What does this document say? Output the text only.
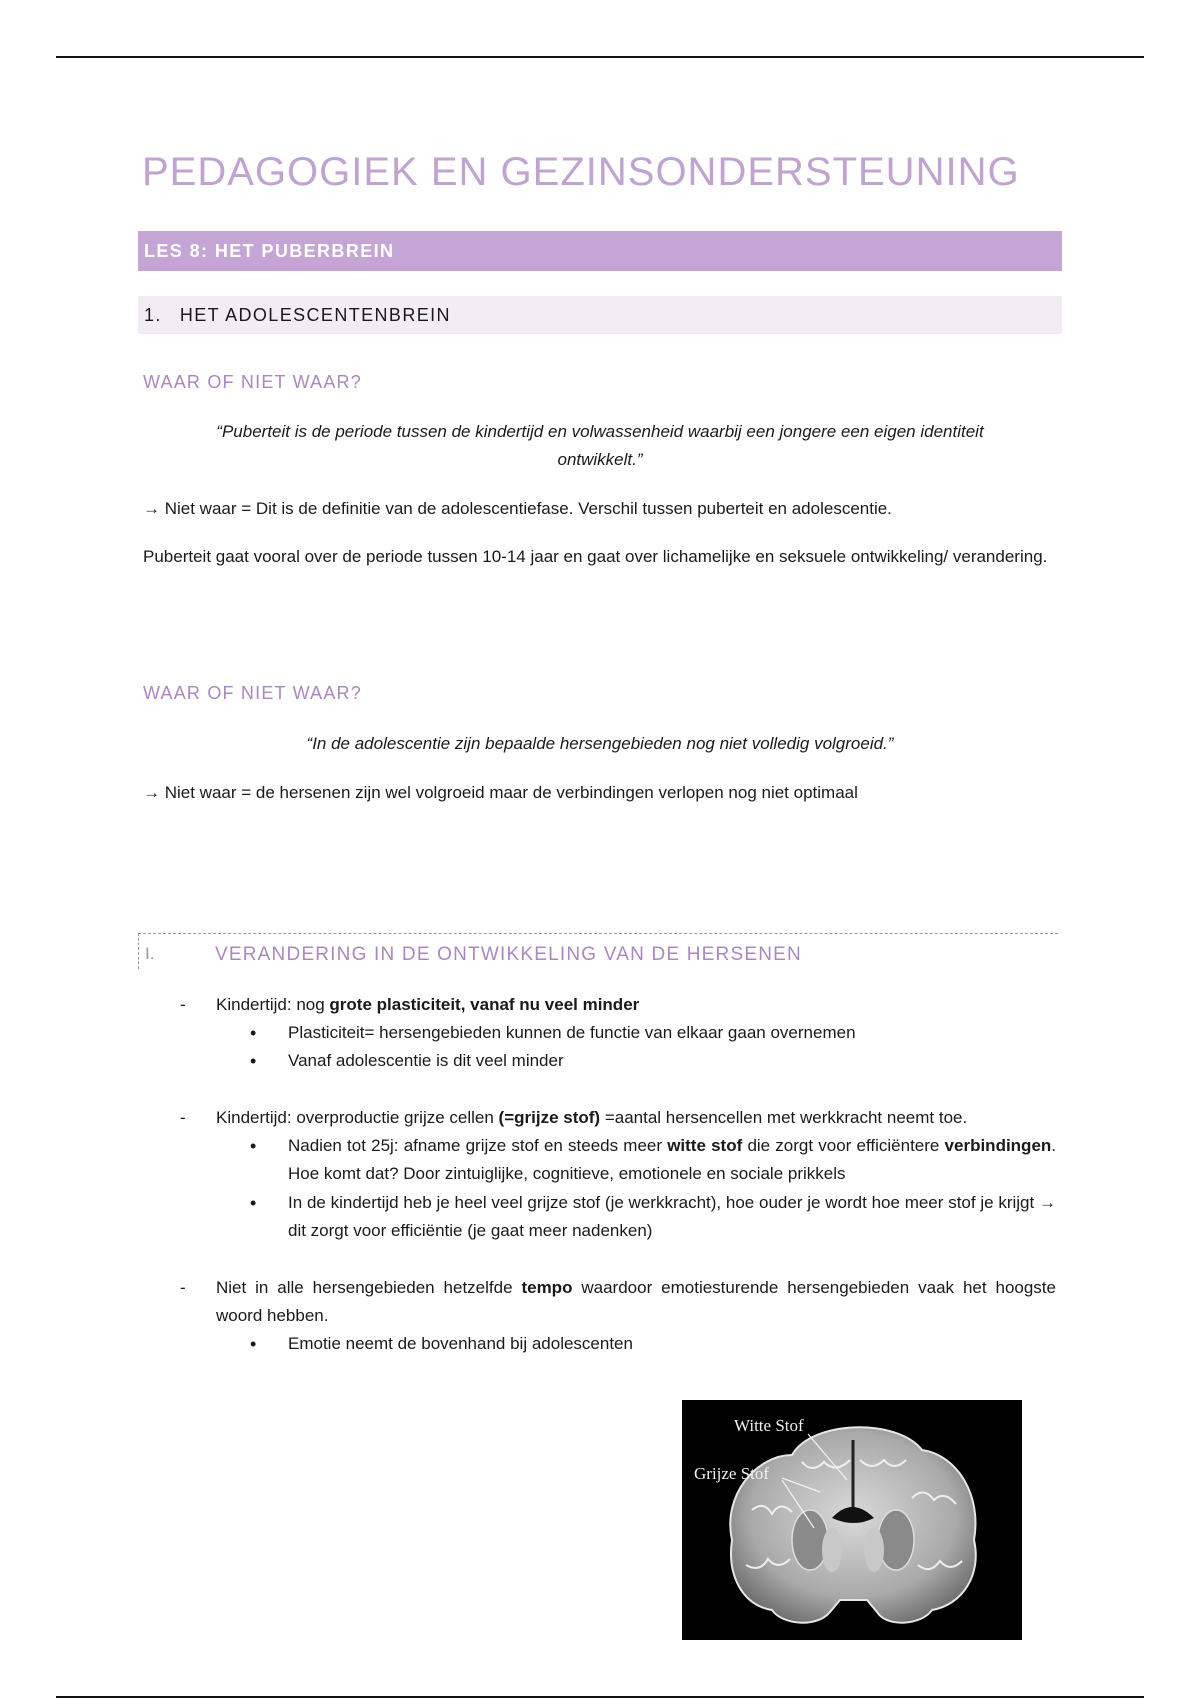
PEDAGOGIEK EN GEZINSONDERSTEUNING
LES 8: HET PUBERBREIN
1. HET ADOLESCENTENBREIN
WAAR OF NIET WAAR?

“Puberteit is de periode tussen de kindertijd en volwassenheid waarbij een jongere een eigen identiteit
ontwikkelt.”

→ Niet waar = Dit is de definitie van de adolescentiefase. Verschil tussen puberteit en adolescentie.

Puberteit gaat vooral over de periode tussen 10-14 jaar en gaat over lichamelijke en seksuele ontwikkeling/ verandering.

WAAR OF NIET WAAR?

“In de adolescentie zijn bepaalde hersengebieden nog niet volledig volgroeid.”

→ Niet waar = de hersenen zijn wel volgroeid maar de verbindingen verlopen nog niet optimaal

I.	VERANDERING IN DE ONTWIKKELING VAN DE HERSENEN
- Kindertijd: nog grote plasticiteit, vanaf nu veel minder
• Plasticiteit= hersengebieden kunnen de functie van elkaar gaan overnemen
• Vanaf adolescentie is dit veel minder
- Kindertijd: overproductie grijze cellen (=grijze stof) =aantal hersencellen met werkkracht neemt toe.
• Nadien tot 25j: afname grijze stof en steeds meer witte stof die zorgt voor efficiëntere verbindingen. Hoe komt dat? Door zintuiglijke, cognitieve, emotionele en sociale prikkels
• In de kindertijd heb je heel veel grijze stof (je werkkracht), hoe ouder je wordt hoe meer stof je krijgt → dit zorgt voor efficiëntie (je gaat meer nadenken)
- Niet in alle hersengebieden hetzelfde tempo waardoor emotiesturende hersengebieden vaak het hoogste woord hebben.
• Emotie neemt de bovenhand bij adolescenten
Witte Stof
Grijze Stof
